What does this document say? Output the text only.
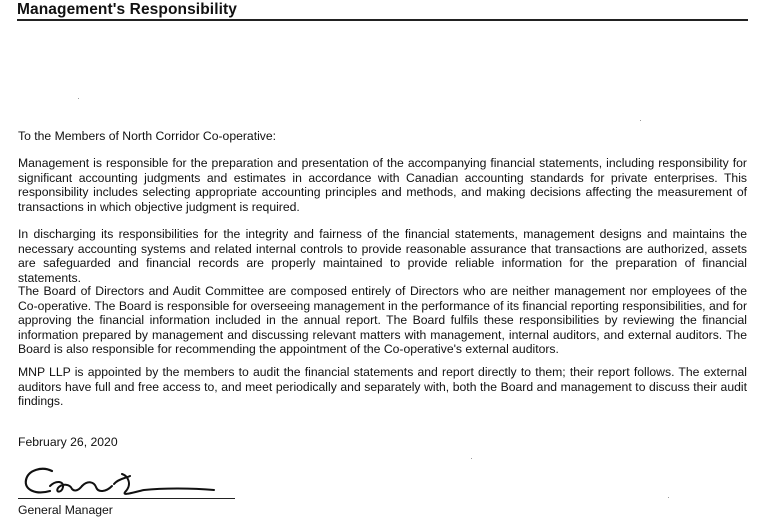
Management's Responsibility
To the Members of North Corridor Co-operative:
Management is responsible for the preparation and presentation of the accompanying financial statements, including responsibility for significant accounting judgments and estimates in accordance with Canadian accounting standards for private enterprises. This responsibility includes selecting appropriate accounting principles and methods, and making decisions affecting the measurement of transactions in which objective judgment is required.
In discharging its responsibilities for the integrity and fairness of the financial statements, management designs and maintains the necessary accounting systems and related internal controls to provide reasonable assurance that transactions are authorized, assets are safeguarded and financial records are properly maintained to provide reliable information for the preparation of financial statements.
The Board of Directors and Audit Committee are composed entirely of Directors who are neither management nor employees of the Co-operative. The Board is responsible for overseeing management in the performance of its financial reporting responsibilities, and for approving the financial information included in the annual report. The Board fulfils these responsibilities by reviewing the financial information prepared by management and discussing relevant matters with management, internal auditors, and external auditors. The Board is also responsible for recommending the appointment of the Co-operative's external auditors.
MNP LLP is appointed by the members to audit the financial statements and report directly to them; their report follows. The external auditors have full and free access to, and meet periodically and separately with, both the Board and management to discuss their audit findings.
February 26, 2020
General Manager
